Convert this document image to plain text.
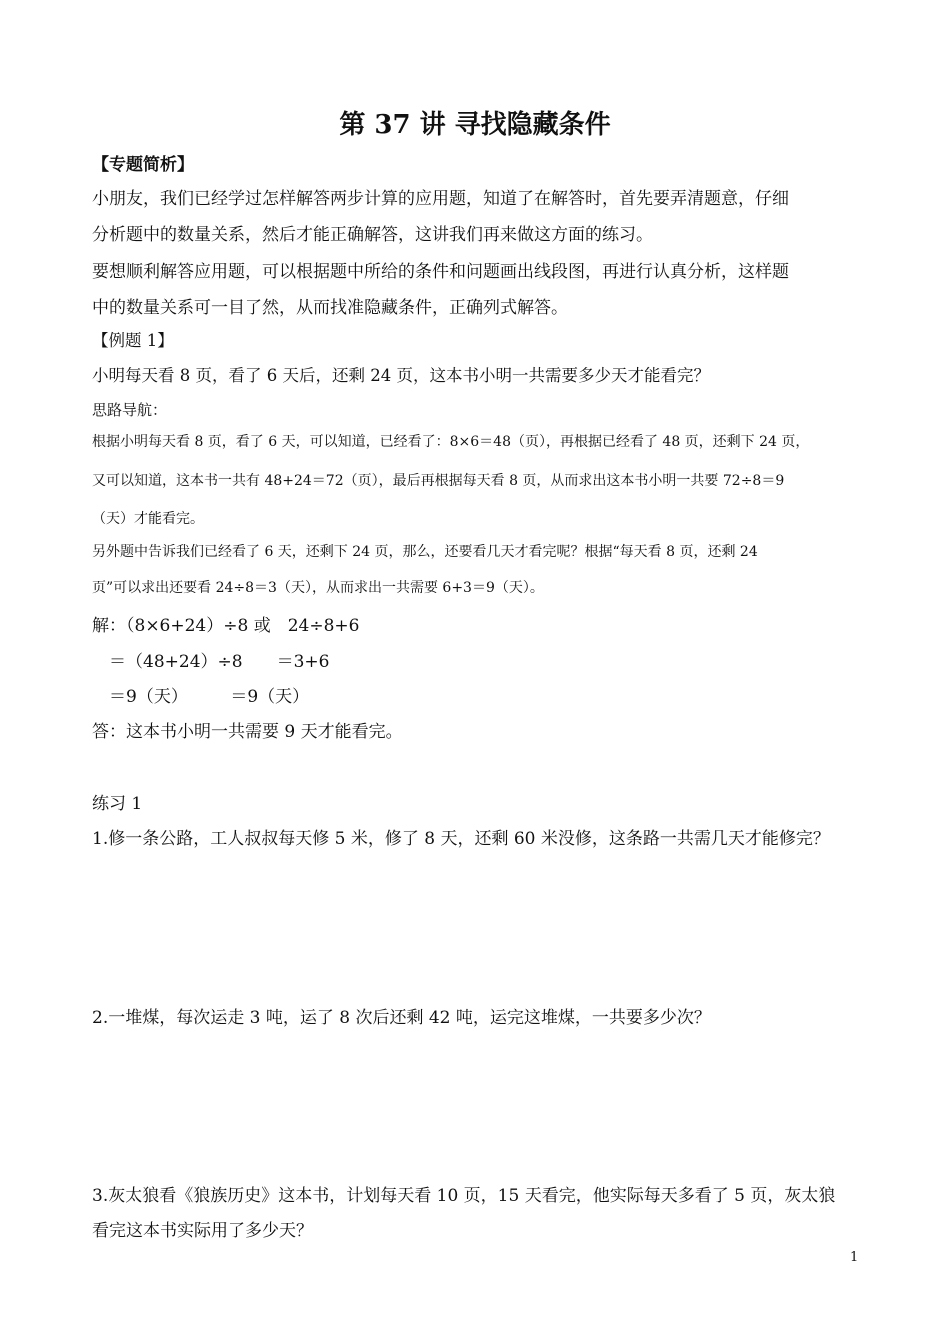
第 37 讲 寻找隐藏条件
【专题简析】

小朋友，我们已经学过怎样解答两步计算的应用题，知道了在解答时，首先要弄清题意，仔细

分析题中的数量关系，然后才能正确解答，这讲我们再来做这方面的练习。

要想顺利解答应用题，可以根据题中所给的条件和问题画出线段图，再进行认真分析，这样题

中的数量关系可一目了然，从而找准隐藏条件，正确列式解答。

【例题 1】

小明每天看 8 页，看了 6 天后，还剩 24 页，这本书小明一共需要多少天才能看完？

思路导航：

根据小明每天看 8 页，看了 6 天，可以知道，已经看了：8×6＝48（页），再根据已经看了 48 页，还剩下 24 页，

又可以知道，这本书一共有 48+24＝72（页），最后再根据每天看 8 页，从而求出这本书小明一共要 72÷8＝9

（天）才能看完。

另外题中告诉我们已经看了 6 天，还剩下 24 页，那么，还要看几天才看完呢？根据“每天看 8 页，还剩 24

页”可以求出还要看 24÷8＝3（天），从而求出一共需要 6+3＝9（天）。

解：（8×6+24）÷8 或　24÷8+6

　＝（48+24）÷8　　＝3+6

　＝9（天）　　　＝9（天）

答：这本书小明一共需要 9 天才能看完。

练习 1

1.修一条公路，工人叔叔每天修 5 米，修了 8 天，还剩 60 米没修，这条路一共需几天才能修完？

2.一堆煤，每次运走 3 吨，运了 8 次后还剩 42 吨，运完这堆煤，一共要多少次？

3.灰太狼看《狼族历史》这本书，计划每天看 10 页，15 天看完，他实际每天多看了 5 页，灰太狼

看完这本书实际用了多少天？

1
